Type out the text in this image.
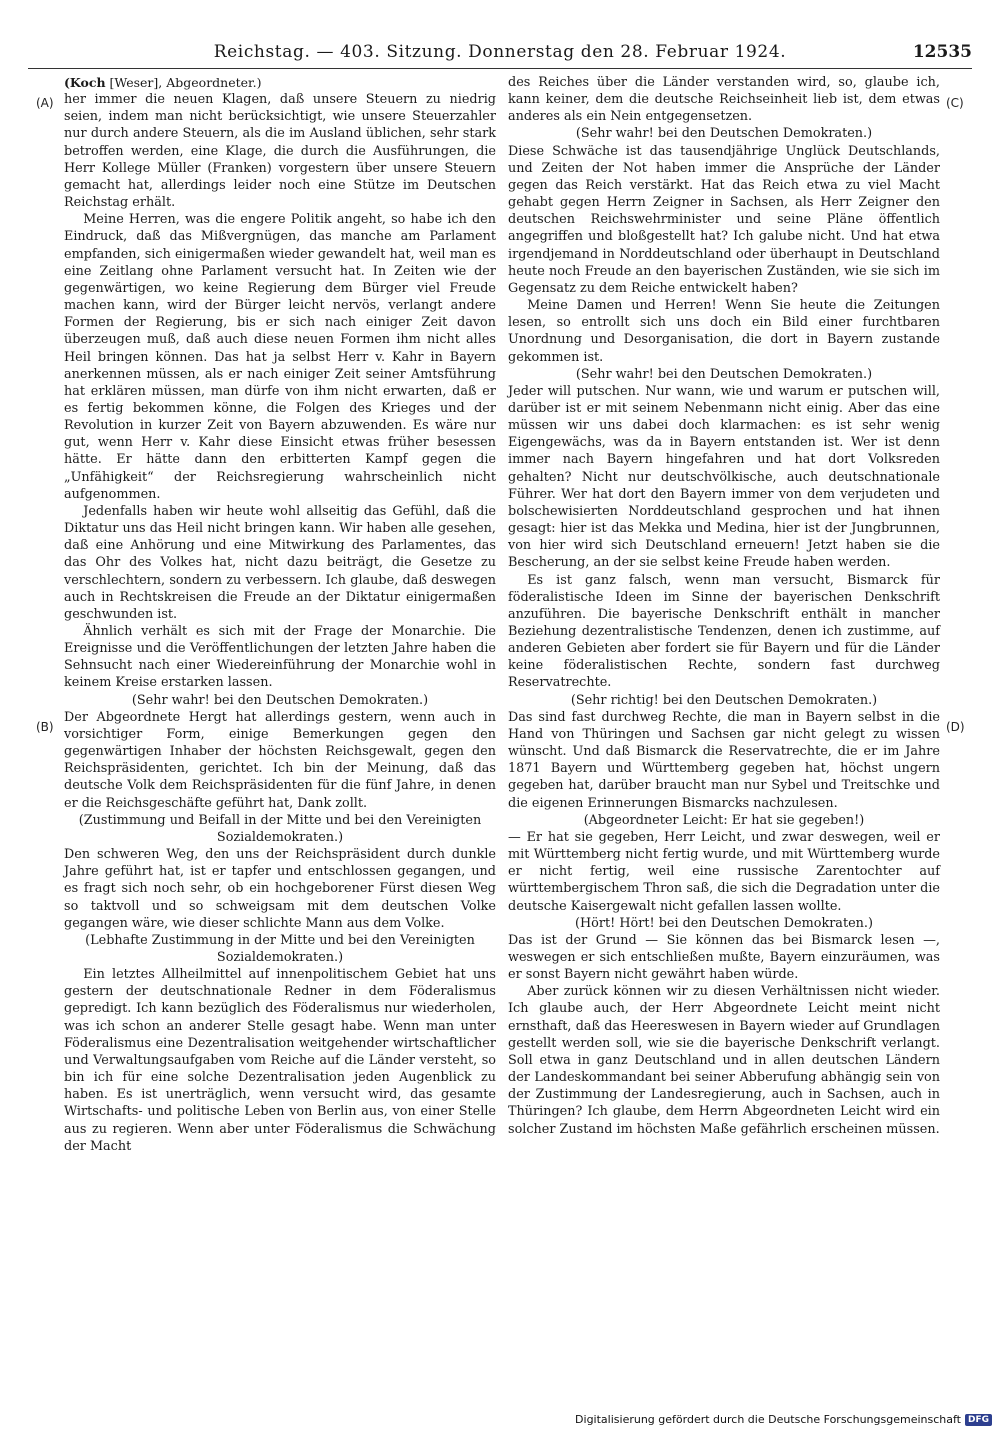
Reichstag. — 403. Sitzung. Donnerstag den 28. Februar 1924.	12535
(A)
(B)
(C)
(D)

(Koch [Weser], Abgeordneter.)

her immer die neuen Klagen, daß unsere Steuern zu niedrig seien, indem man nicht berücksichtigt, wie unsere Steuerzahler nur durch andere Steuern, als die im Ausland üblichen, sehr stark betroffen werden, eine Klage, die durch die Ausführungen, die Herr Kollege Müller (Franken) vorgestern über unsere Steuern gemacht hat, allerdings leider noch eine Stütze im Deutschen Reichstag erhält.

Meine Herren, was die engere Politik angeht, so habe ich den Eindruck, daß das Mißvergnügen, das manche am Parlament empfanden, sich einigermaßen wieder gewandelt hat, weil man es eine Zeitlang ohne Parlament versucht hat. In Zeiten wie der gegenwärtigen, wo keine Regierung dem Bürger viel Freude machen kann, wird der Bürger leicht nervös, verlangt andere Formen der Regierung, bis er sich nach einiger Zeit davon überzeugen muß, daß auch diese neuen Formen ihm nicht alles Heil bringen können. Das hat ja selbst Herr v. Kahr in Bayern anerkennen müssen, als er nach einiger Zeit seiner Amtsführung hat erklären müssen, man dürfe von ihm nicht erwarten, daß er es fertig bekommen könne, die Folgen des Krieges und der Revolution in kurzer Zeit von Bayern abzuwenden. Es wäre nur gut, wenn Herr v. Kahr diese Einsicht etwas früher besessen hätte. Er hätte dann den erbitterten Kampf gegen die „Unfähigkeit“ der Reichsregierung wahrscheinlich nicht aufgenommen.

Jedenfalls haben wir heute wohl allseitig das Gefühl, daß die Diktatur uns das Heil nicht bringen kann. Wir haben alle gesehen, daß eine Anhörung und eine Mitwirkung des Parlamentes, das das Ohr des Volkes hat, nicht dazu beiträgt, die Gesetze zu verschlechtern, sondern zu verbessern. Ich glaube, daß deswegen auch in Rechtskreisen die Freude an der Diktatur einigermaßen geschwunden ist.

Ähnlich verhält es sich mit der Frage der Monarchie. Die Ereignisse und die Veröffentlichungen der letzten Jahre haben die Sehnsucht nach einer Wiedereinführung der Monarchie wohl in keinem Kreise erstarken lassen.

(Sehr wahr! bei den Deutschen Demokraten.)

Der Abgeordnete Hergt hat allerdings gestern, wenn auch in vorsichtiger Form, einige Bemerkungen gegen den gegenwärtigen Inhaber der höchsten Reichsgewalt, gegen den Reichspräsidenten, gerichtet. Ich bin der Meinung, daß das deutsche Volk dem Reichspräsidenten für die fünf Jahre, in denen er die Reichsgeschäfte geführt hat, Dank zollt.

(Zustimmung und Beifall in der Mitte und bei den Vereinigten Sozialdemokraten.)

Den schweren Weg, den uns der Reichspräsident durch dunkle Jahre geführt hat, ist er tapfer und entschlossen gegangen, und es fragt sich noch sehr, ob ein hochgeborener Fürst diesen Weg so taktvoll und so schweigsam mit dem deutschen Volke gegangen wäre, wie dieser schlichte Mann aus dem Volke.

(Lebhafte Zustimmung in der Mitte und bei den Vereinigten Sozialdemokraten.)

Ein letztes Allheilmittel auf innenpolitischem Gebiet hat uns gestern der deutschnationale Redner in dem Föderalismus gepredigt. Ich kann bezüglich des Föderalismus nur wiederholen, was ich schon an anderer Stelle gesagt habe. Wenn man unter Föderalismus eine Dezentralisation weitgehender wirtschaftlicher und Verwaltungsaufgaben vom Reiche auf die Länder versteht, so bin ich für eine solche Dezentralisation jeden Augenblick zu haben. Es ist unerträglich, wenn versucht wird, das gesamte Wirtschafts- und politische Leben von Berlin aus, von einer Stelle aus zu regieren. Wenn aber unter Föderalismus die Schwächung der Macht

des Reiches über die Länder verstanden wird, so, glaube ich, kann keiner, dem die deutsche Reichseinheit lieb ist, dem etwas anderes als ein Nein entgegensetzen.

(Sehr wahr! bei den Deutschen Demokraten.)

Diese Schwäche ist das tausendjährige Unglück Deutschlands, und Zeiten der Not haben immer die Ansprüche der Länder gegen das Reich verstärkt. Hat das Reich etwa zu viel Macht gehabt gegen Herrn Zeigner in Sachsen, als Herr Zeigner den deutschen Reichswehrminister und seine Pläne öffentlich angegriffen und bloßgestellt hat? Ich galube nicht. Und hat etwa irgendjemand in Norddeutschland oder überhaupt in Deutschland heute noch Freude an den bayerischen Zuständen, wie sie sich im Gegensatz zu dem Reiche entwickelt haben?

Meine Damen und Herren! Wenn Sie heute die Zeitungen lesen, so entrollt sich uns doch ein Bild einer furchtbaren Unordnung und Desorganisation, die dort in Bayern zustande gekommen ist.

(Sehr wahr! bei den Deutschen Demokraten.)

Jeder will putschen. Nur wann, wie und warum er putschen will, darüber ist er mit seinem Nebenmann nicht einig. Aber das eine müssen wir uns dabei doch klarmachen: es ist sehr wenig Eigengewächs, was da in Bayern entstanden ist. Wer ist denn immer nach Bayern hingefahren und hat dort Volksreden gehalten? Nicht nur deutschvölkische, auch deutschnationale Führer. Wer hat dort den Bayern immer von dem verjudeten und bolschewisierten Norddeutschland gesprochen und hat ihnen gesagt: hier ist das Mekka und Medina, hier ist der Jungbrunnen, von hier wird sich Deutschland erneuern! Jetzt haben sie die Bescherung, an der sie selbst keine Freude haben werden.

Es ist ganz falsch, wenn man versucht, Bismarck für föderalistische Ideen im Sinne der bayerischen Denkschrift anzuführen. Die bayerische Denkschrift enthält in mancher Beziehung dezentralistische Tendenzen, denen ich zustimme, auf anderen Gebieten aber fordert sie für Bayern und für die Länder keine föderalistischen Rechte, sondern fast durchweg Reservatrechte.

(Sehr richtig! bei den Deutschen Demokraten.)

Das sind fast durchweg Rechte, die man in Bayern selbst in die Hand von Thüringen und Sachsen gar nicht gelegt zu wissen wünscht. Und daß Bismarck die Reservatrechte, die er im Jahre 1871 Bayern und Württemberg gegeben hat, höchst ungern gegeben hat, darüber braucht man nur Sybel und Treitschke und die eigenen Erinnerungen Bismarcks nachzulesen.

(Abgeordneter Leicht: Er hat sie gegeben!)

— Er hat sie gegeben, Herr Leicht, und zwar deswegen, weil er mit Württemberg nicht fertig wurde, und mit Württemberg wurde er nicht fertig, weil eine russische Zarentochter auf württembergischem Thron saß, die sich die Degradation unter die deutsche Kaisergewalt nicht gefallen lassen wollte.

(Hört! Hört! bei den Deutschen Demokraten.)

Das ist der Grund — Sie können das bei Bismarck lesen —, weswegen er sich entschließen mußte, Bayern einzuräumen, was er sonst Bayern nicht gewährt haben würde.

Aber zurück können wir zu diesen Verhältnissen nicht wieder. Ich glaube auch, der Herr Abgeordnete Leicht meint nicht ernsthaft, daß das Heereswesen in Bayern wieder auf Grundlagen gestellt werden soll, wie sie die bayerische Denkschrift verlangt. Soll etwa in ganz Deutschland und in allen deutschen Ländern der Landeskommandant bei seiner Abberufung abhängig sein von der Zustimmung der Landesregierung, auch in Sachsen, auch in Thüringen? Ich glaube, dem Herrn Abgeordneten Leicht wird ein solcher Zustand im höchsten Maße gefährlich erscheinen müssen.

Digitalisierung gefördert durch die Deutsche Forschungsgemeinschaft DFG
